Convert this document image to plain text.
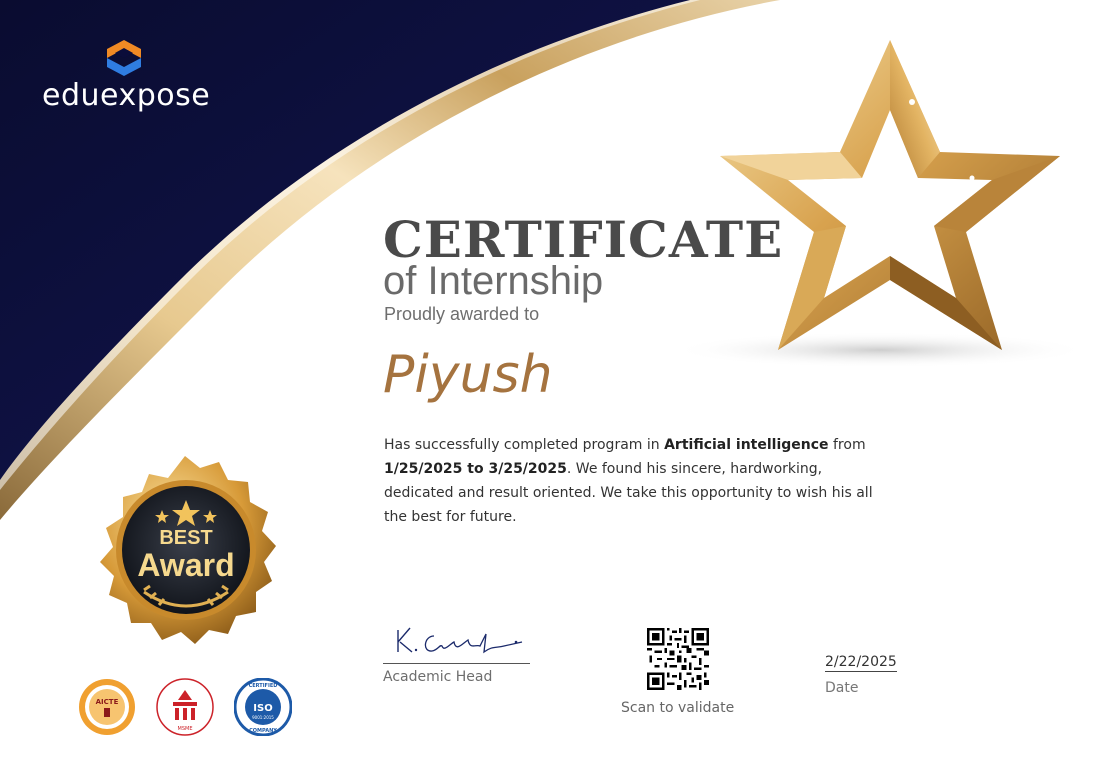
eduexpose
CERTIFICATE
of Internship
Proudly awarded to
Piyush
Has successfully completed program in Artificial intelligence from 1/25/2025 to 3/25/2025. We found his sincere, hardworking, dedicated and result oriented. We take this opportunity to wish his all the best for future.
BEST
Award
AICTE
MSME
ISO
9001:2015
CERTIFIED
COMPANY
Academic Head
Scan to validate
2/22/2025
Date
